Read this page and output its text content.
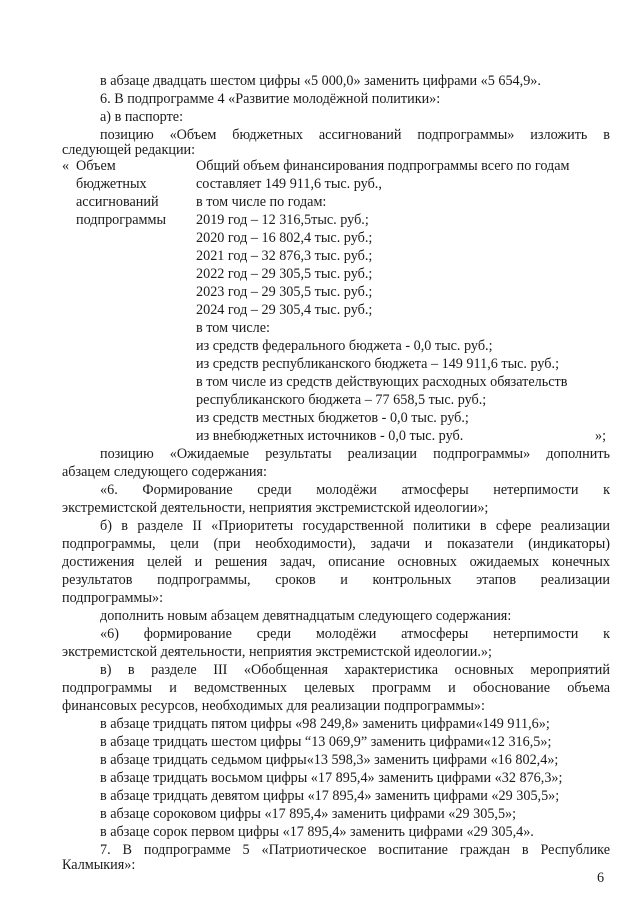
в абзаце двадцать шестом цифры «5 000,0» заменить цифрами «5 654,9».
6. В подпрограмме 4 «Развитие молодёжной политики»:
а) в паспорте:
позицию «Объем бюджетных ассигнований подпрограммы» изложить в
следующей редакции:
« Объем
бюджетных
ассигнований
подпрограммы
Общий объем финансирования подпрограммы всего по годам
составляет 149 911,6 тыс. руб.,
в том числе по годам:
2019 год – 12 316,5тыс. руб.;
2020 год – 16 802,4 тыс. руб.;
2021 год – 32 876,3 тыс. руб.;
2022 год – 29 305,5 тыс. руб.;
2023 год – 29 305,5 тыс. руб.;
2024 год – 29 305,4 тыс. руб.;
в том числе:
из средств федерального бюджета - 0,0 тыс. руб.;
из средств республиканского бюджета – 149 911,6 тыс. руб.;
в том числе из средств действующих расходных обязательств
республиканского бюджета – 77 658,5 тыс. руб.;
из средств местных бюджетов - 0,0 тыс. руб.;
из внебюджетных источников - 0,0 тыс. руб.	»;
позицию «Ожидаемые результаты реализации подпрограммы» дополнить
абзацем следующего содержания:
«6. Формирование среди молодёжи атмосферы нетерпимости к
экстремистской деятельности, неприятия экстремистской идеологии»;
б) в разделе II «Приоритеты государственной политики в сфере реализации
подпрограммы, цели (при необходимости), задачи и показатели (индикаторы)
достижения целей и решения задач, описание основных ожидаемых конечных
результатов подпрограммы, сроков и контрольных этапов реализации
подпрограммы»:
дополнить новым абзацем девятнадцатым следующего содержания:
«6) формирование среди молодёжи атмосферы нетерпимости к
экстремистской деятельности, неприятия экстремистской идеологии.»;
в) в разделе III «Обобщенная характеристика основных мероприятий
подпрограммы и ведомственных целевых программ и обоснование объема
финансовых ресурсов, необходимых для реализации подпрограммы»:
в абзаце тридцать пятом цифры «98 249,8» заменить цифрами«149 911,6»;
в абзаце тридцать шестом цифры “13 069,9” заменить цифрами«12 316,5»;
в абзаце тридцать седьмом цифры«13 598,3» заменить цифрами «16 802,4»;
в абзаце тридцать восьмом цифры «17 895,4» заменить цифрами «32 876,3»;
в абзаце тридцать девятом цифры «17 895,4» заменить цифрами «29 305,5»;
в абзаце сороковом цифры «17 895,4» заменить цифрами «29 305,5»;
в абзаце сорок первом цифры «17 895,4» заменить цифрами «29 305,4».
7. В подпрограмме 5 «Патриотическое воспитание граждан в Республике
Калмыкия»:
6
